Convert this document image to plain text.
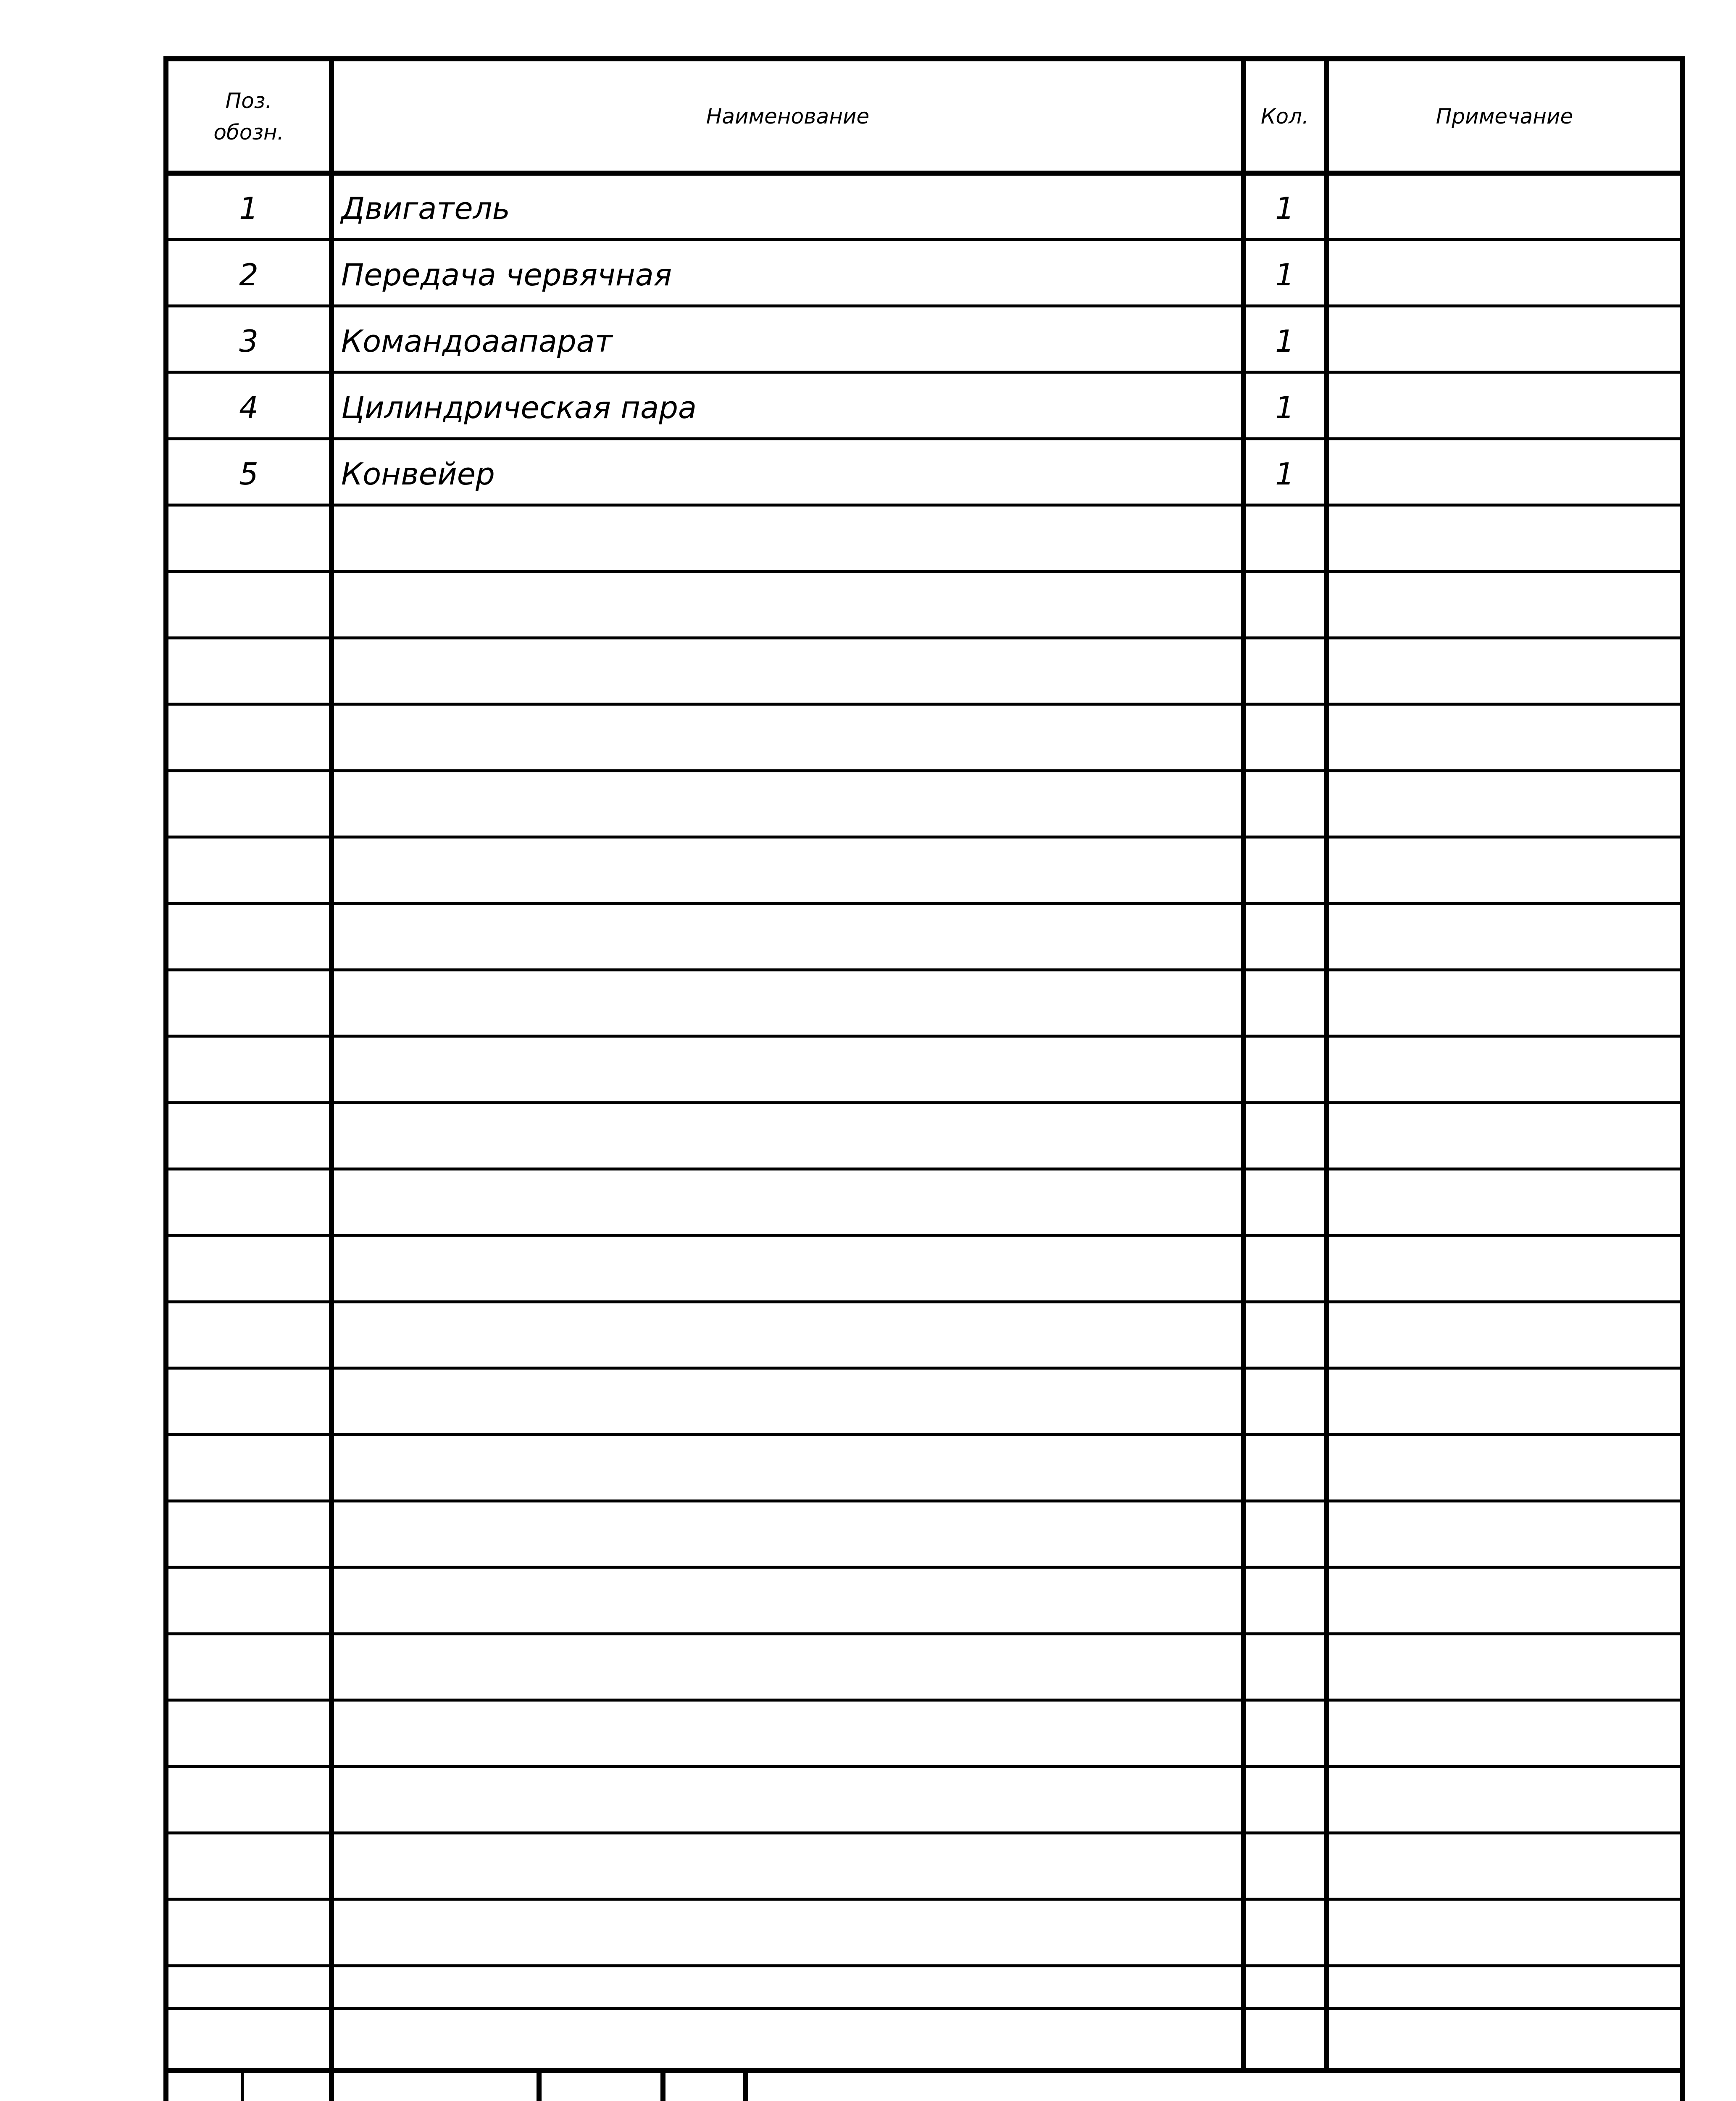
Поз.
обозн.
Наименование	Кол.	Примечание
1	Двигатель	1
2	Передача червячная	1
3	Командоаапарат	1
4	Цилиндрическая пара	1
5	Конвейер	1
